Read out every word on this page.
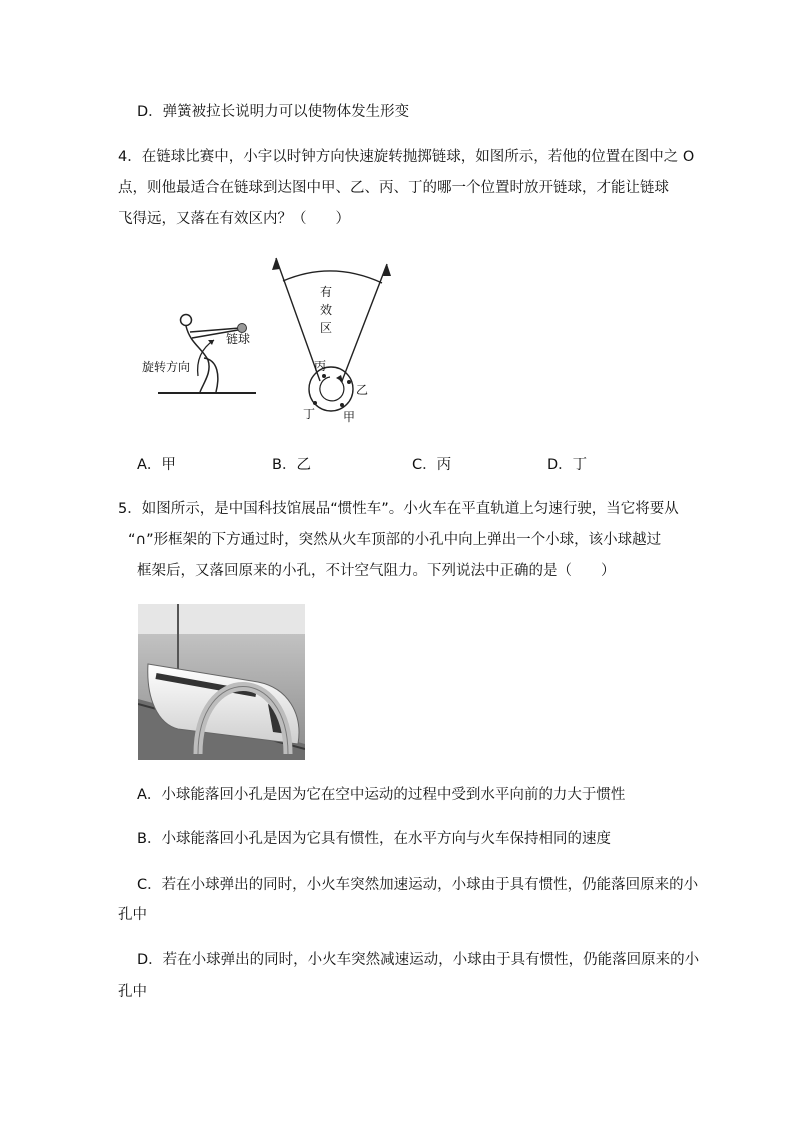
D．弹簧被拉长说明力可以使物体发生形变
4．在链球比赛中，小宇以时钟方向快速旋转抛掷链球，如图所示，若他的位置在图中之 O
点，则他最适合在链球到达图中甲、乙、丙、丁的哪一个位置时放开链球，才能让链球
飞得远，又落在有效区内？（　　）
链球
旋转方向
有
效
区
丙
乙
丁 甲
A．甲	B．乙	C．丙	D．丁
5．如图所示，是中国科技馆展品“惯性车”。小火车在平直轨道上匀速行驶，当它将要从
“∩”形框架的下方通过时，突然从火车顶部的小孔中向上弹出一个小球，该小球越过
框架后，又落回原来的小孔，不计空气阻力。下列说法中正确的是（　　）
A．小球能落回小孔是因为它在空中运动的过程中受到水平向前的力大于惯性
B．小球能落回小孔是因为它具有惯性，在水平方向与火车保持相同的速度
C．若在小球弹出的同时，小火车突然加速运动，小球由于具有惯性，仍能落回原来的小
孔中
D．若在小球弹出的同时，小火车突然减速运动，小球由于具有惯性，仍能落回原来的小
孔中
